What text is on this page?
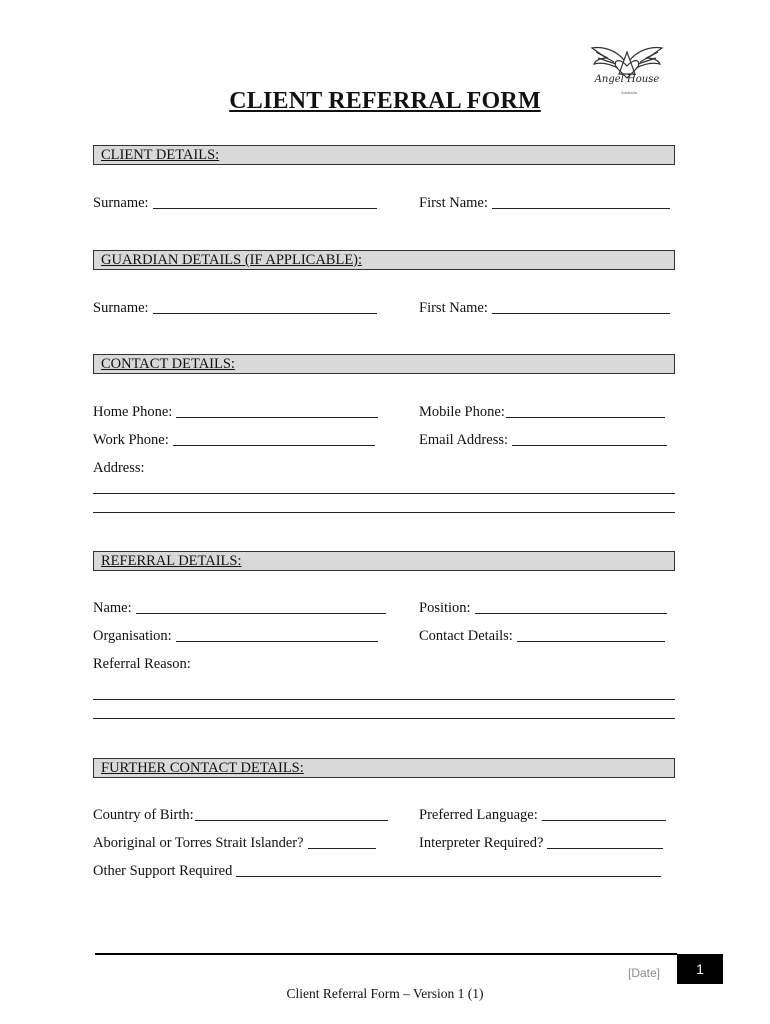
Angel House
Australia
CLIENT REFERRAL FORM
CLIENT DETAILS:
Surname:	First Name:
GUARDIAN DETAILS (IF APPLICABLE):
Surname:	First Name:
CONTACT DETAILS:
Home Phone:	Mobile Phone:
Work Phone:	Email Address:
Address:
REFERRAL DETAILS:
Name:	Position:
Organisation:	Contact Details:
Referral Reason:
FURTHER CONTACT DETAILS:
Country of Birth:	Preferred Language:
Aboriginal or Torres Strait Islander?	Interpreter Required?
Other Support Required
[Date]	1
Client Referral Form – Version 1 (1)
